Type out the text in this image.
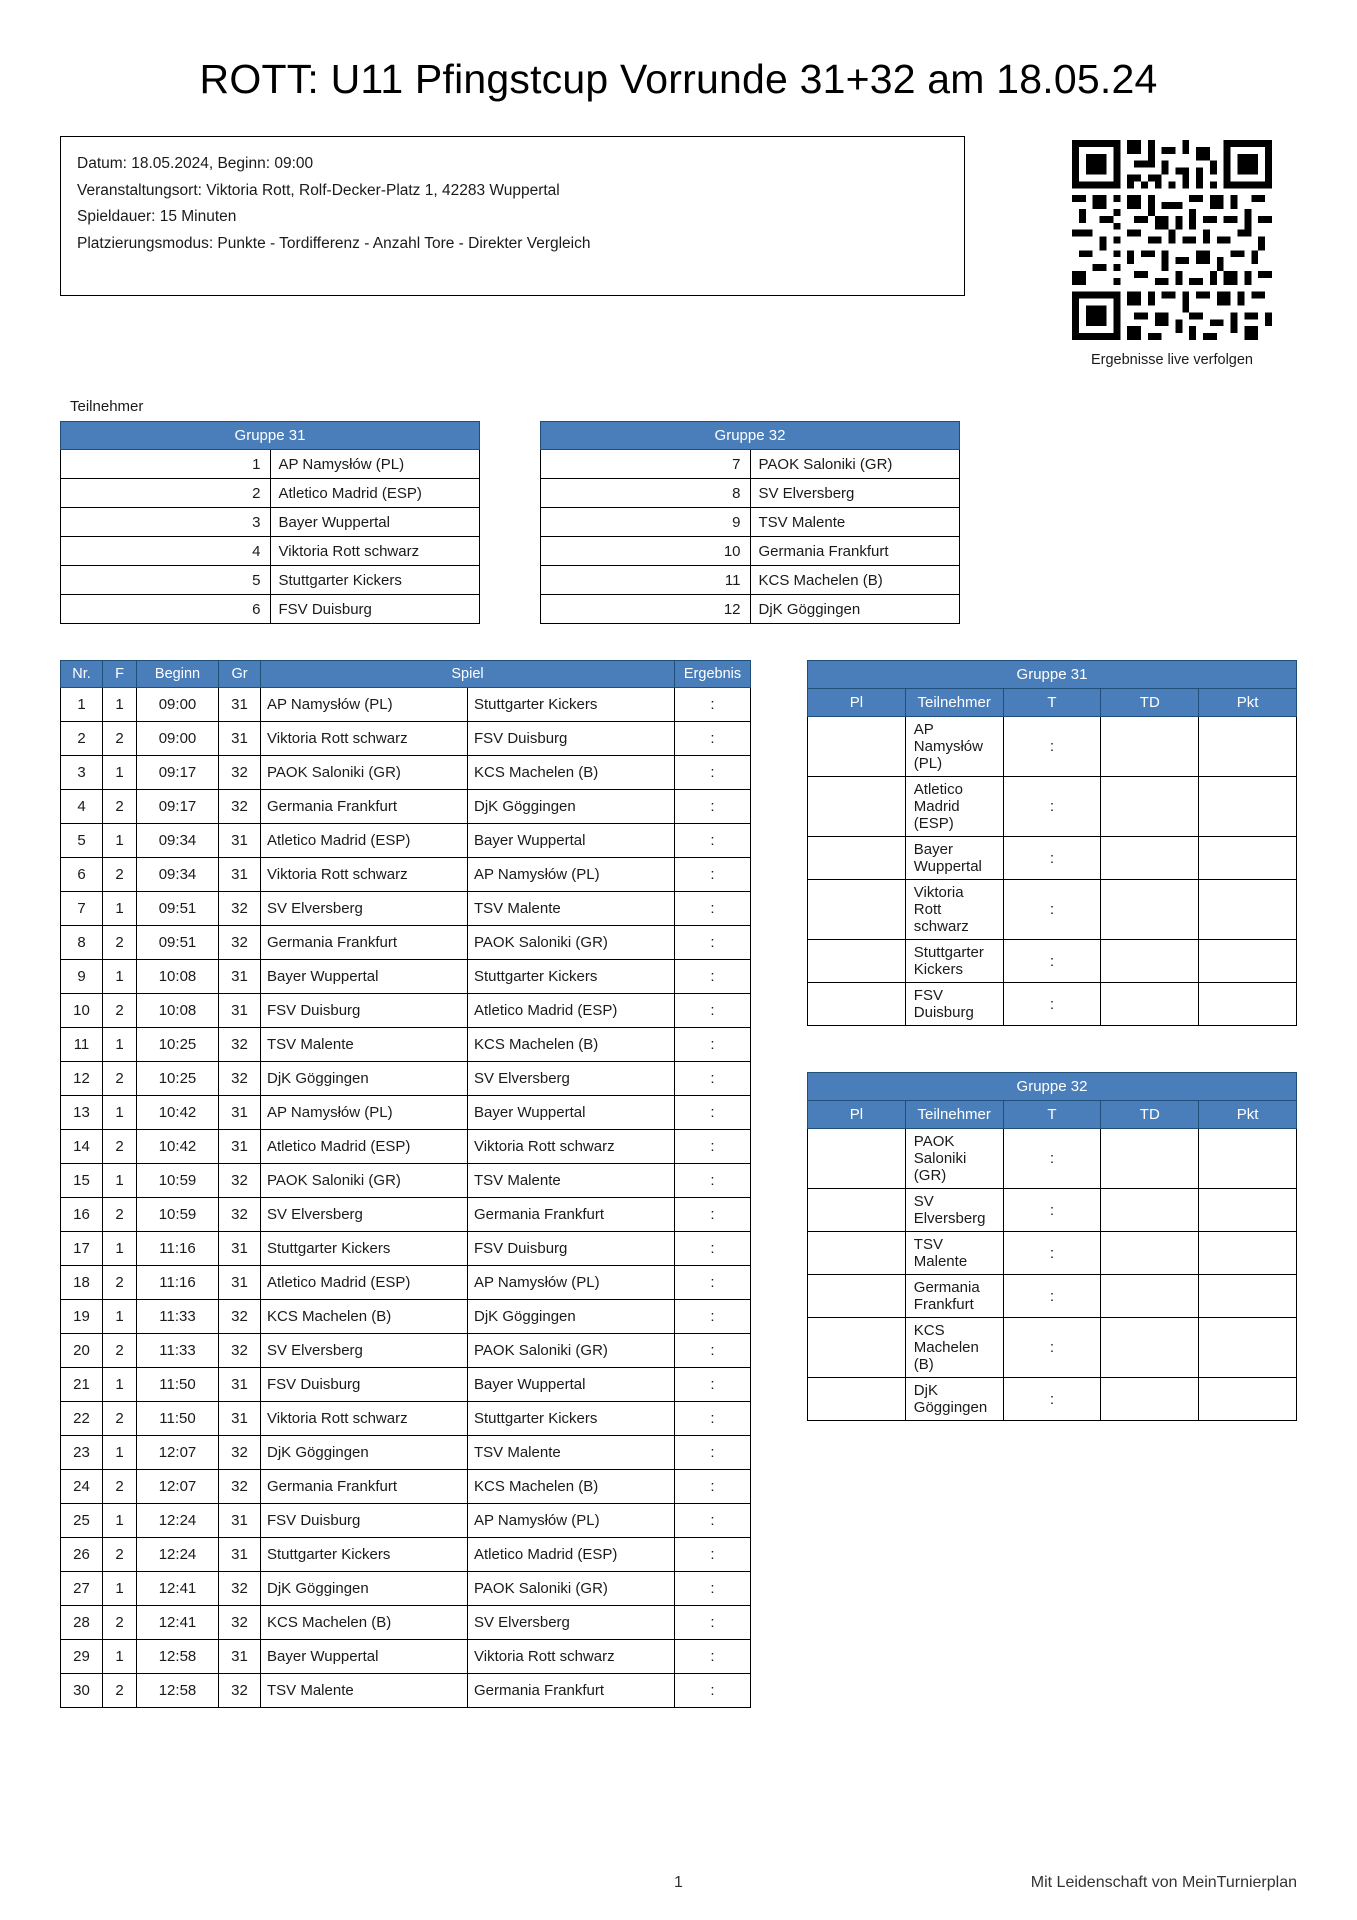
ROTT: U11 Pfingstcup Vorrunde 31+32 am 18.05.24
Datum: 18.05.2024, Beginn: 09:00
Veranstaltungsort: Viktoria Rott, Rolf-Decker-Platz 1, 42283 Wuppertal
Spieldauer: 15 Minuten
Platzierungsmodus: Punkte - Tordifferenz - Anzahl Tore - Direkter Vergleich
Ergebnisse live verfolgen
Teilnehmer
Gruppe 31	
1	AP Namysłów (PL)
2	Atletico Madrid (ESP)
3	Bayer Wuppertal
4	Viktoria Rott schwarz
5	Stuttgarter Kickers
6	FSV Duisburg
Gruppe 32	
7	PAOK Saloniki (GR)
8	SV Elversberg
9	TSV Malente
10	Germania Frankfurt
11	KCS Machelen (B)
12	DjK Göggingen
Nr.	F	Beginn	Gr	Spiel		Ergebnis
1	1	09:00	31	AP Namysłów (PL)	Stuttgarter Kickers	:
2	2	09:00	31	Viktoria Rott schwarz	FSV Duisburg	:
3	1	09:17	32	PAOK Saloniki (GR)	KCS Machelen (B)	:
4	2	09:17	32	Germania Frankfurt	DjK Göggingen	:
5	1	09:34	31	Atletico Madrid (ESP)	Bayer Wuppertal	:
6	2	09:34	31	Viktoria Rott schwarz	AP Namysłów (PL)	:
7	1	09:51	32	SV Elversberg	TSV Malente	:
8	2	09:51	32	Germania Frankfurt	PAOK Saloniki (GR)	:
9	1	10:08	31	Bayer Wuppertal	Stuttgarter Kickers	:
10	2	10:08	31	FSV Duisburg	Atletico Madrid (ESP)	:
11	1	10:25	32	TSV Malente	KCS Machelen (B)	:
12	2	10:25	32	DjK Göggingen	SV Elversberg	:
13	1	10:42	31	AP Namysłów (PL)	Bayer Wuppertal	:
14	2	10:42	31	Atletico Madrid (ESP)	Viktoria Rott schwarz	:
15	1	10:59	32	PAOK Saloniki (GR)	TSV Malente	:
16	2	10:59	32	SV Elversberg	Germania Frankfurt	:
17	1	11:16	31	Stuttgarter Kickers	FSV Duisburg	:
18	2	11:16	31	Atletico Madrid (ESP)	AP Namysłów (PL)	:
19	1	11:33	32	KCS Machelen (B)	DjK Göggingen	:
20	2	11:33	32	SV Elversberg	PAOK Saloniki (GR)	:
21	1	11:50	31	FSV Duisburg	Bayer Wuppertal	:
22	2	11:50	31	Viktoria Rott schwarz	Stuttgarter Kickers	:
23	1	12:07	32	DjK Göggingen	TSV Malente	:
24	2	12:07	32	Germania Frankfurt	KCS Machelen (B)	:
25	1	12:24	31	FSV Duisburg	AP Namysłów (PL)	:
26	2	12:24	31	Stuttgarter Kickers	Atletico Madrid (ESP)	:
27	1	12:41	32	DjK Göggingen	PAOK Saloniki (GR)	:
28	2	12:41	32	KCS Machelen (B)	SV Elversberg	:
29	1	12:58	31	Bayer Wuppertal	Viktoria Rott schwarz	:
30	2	12:58	32	TSV Malente	Germania Frankfurt	:
Gruppe 31				
Pl	Teilnehmer	T	TD	Pkt
	AP Namysłów (PL)	:		
	Atletico Madrid (ESP)	:		
	Bayer Wuppertal	:		
	Viktoria Rott schwarz	:		
	Stuttgarter Kickers	:		
	FSV Duisburg	:		
Gruppe 32				
Pl	Teilnehmer	T	TD	Pkt
	PAOK Saloniki (GR)	:		
	SV Elversberg	:		
	TSV Malente	:		
	Germania Frankfurt	:		
	KCS Machelen (B)	:		
	DjK Göggingen	:		
1	Mit Leidenschaft von MeinTurnierplan
